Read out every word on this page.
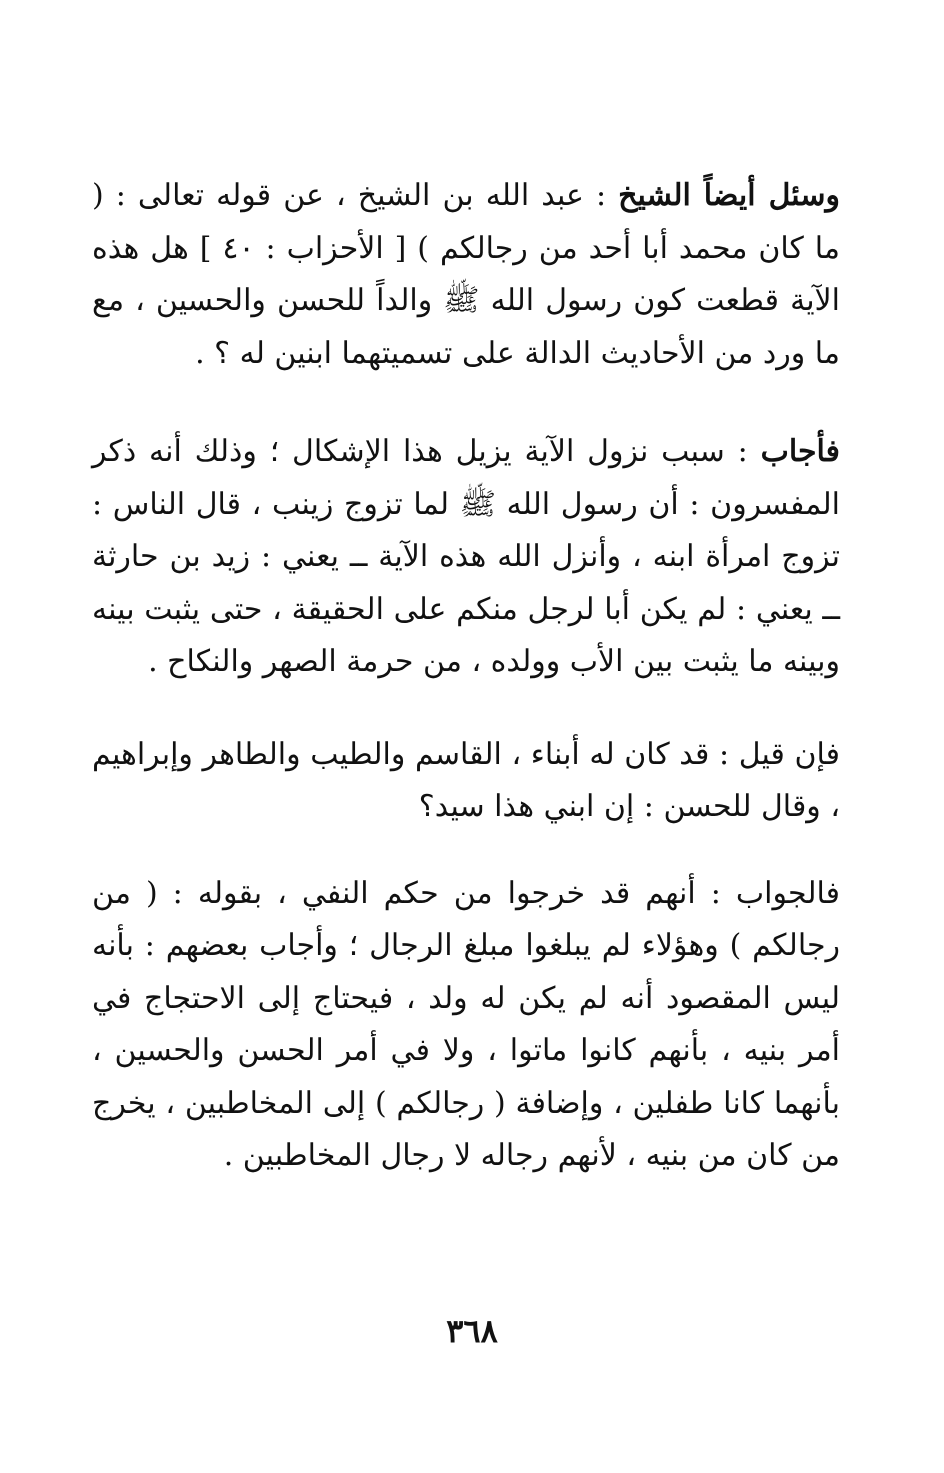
وسئل أيضاً الشيخ : عبد الله بن الشيخ ، عن قوله تعالى : ( ما كان محمد أبا أحد من رجالكم ) [ الأحزاب : ٤٠ ] هل هذه الآية قطعت كون رسول الله ﷺ والداً للحسن والحسين ، مع ما ورد من الأحاديث الدالة على تسميتهما ابنين له ؟ .

فأجاب : سبب نزول الآية يزيل هذا الإشكال ؛ وذلك أنه ذكر المفسرون : أن رسول الله ﷺ لما تزوج زينب ، قال الناس : تزوج امرأة ابنه ، وأنزل الله هذه الآية ــ يعني : زيد بن حارثة ــ يعني : لم يكن أبا لرجل منكم على الحقيقة ، حتى يثبت بينه وبينه ما يثبت بين الأب وولده ، من حرمة الصهر والنكاح .

فإن قيل : قد كان له أبناء ، القاسم والطيب والطاهر وإبراهيم ، وقال للحسن : إن ابني هذا سيد؟

فالجواب : أنهم قد خرجوا من حكم النفي ، بقوله : ( من رجالكم ) وهؤلاء لم يبلغوا مبلغ الرجال ؛ وأجاب بعضهم : بأنه ليس المقصود أنه لم يكن له ولد ، فيحتاج إلى الاحتجاج في أمر بنيه ، بأنهم كانوا ماتوا ، ولا في أمر الحسن والحسين ، بأنهما كانا طفلين ، وإضافة ( رجالكم ) إلى المخاطبين ، يخرج من كان من بنيه ، لأنهم رجاله لا رجال المخاطبين .

٣٦٨
